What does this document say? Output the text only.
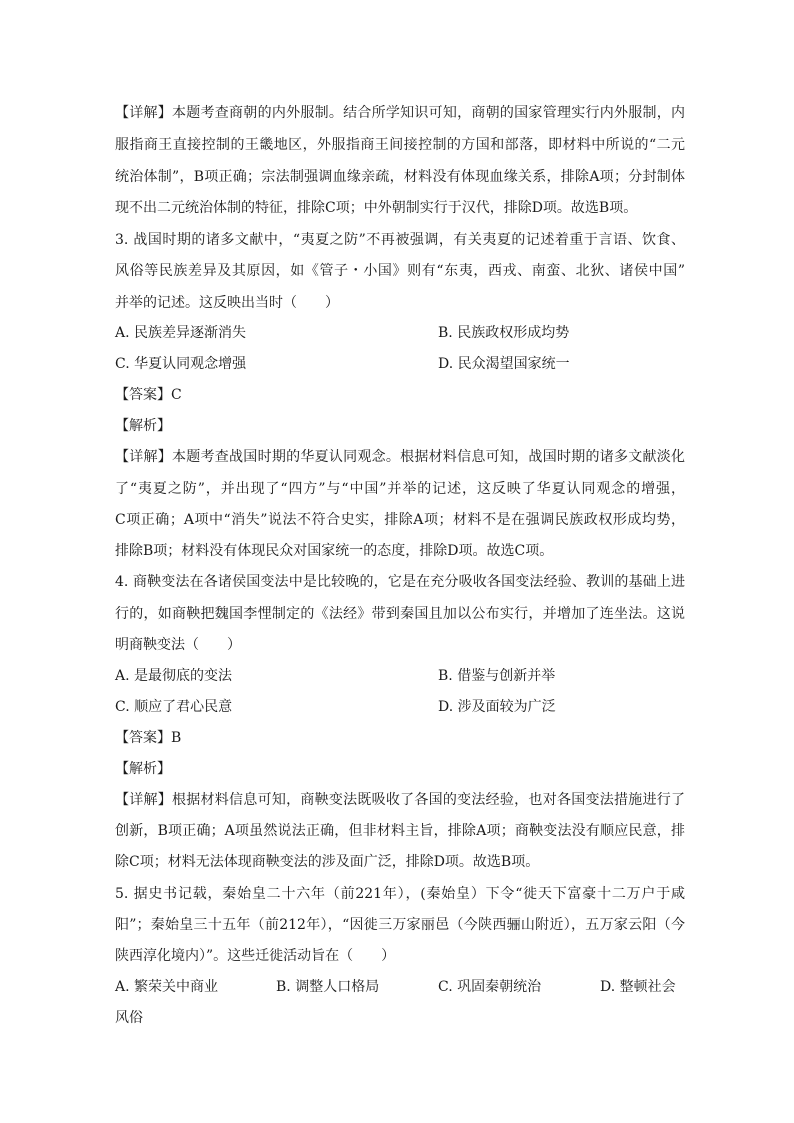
【详解】本题考查商朝的内外服制。结合所学知识可知，商朝的国家管理实行内外服制，内
服指商王直接控制的王畿地区，外服指商王间接控制的方国和部落，即材料中所说的“二元
统治体制”，B项正确；宗法制强调血缘亲疏，材料没有体现血缘关系，排除A项；分封制体
现不出二元统治体制的特征，排除C项；中外朝制实行于汉代，排除D项。故选B项。
3. 战国时期的诸多文献中，“夷夏之防”不再被强调，有关夷夏的记述着重于言语、饮食、
风俗等民族差异及其原因，如《管子・小国》则有“东夷，西戎、南蛮、北狄、诸侯中国”
并举的记述。这反映出当时（　　）
A. 民族差异逐渐消失	B. 民族政权形成均势
C. 华夏认同观念增强	D. 民众渴望国家统一
【答案】C
【解析】
【详解】本题考查战国时期的华夏认同观念。根据材料信息可知，战国时期的诸多文献淡化
了“夷夏之防”，并出现了“四方”与“中国”并举的记述，这反映了华夏认同观念的增强，
C项正确；A项中“消失”说法不符合史实，排除A项；材料不是在强调民族政权形成均势，
排除B项；材料没有体现民众对国家统一的态度，排除D项。故选C项。
4. 商鞅变法在各诸侯国变法中是比较晚的，它是在充分吸收各国变法经验、教训的基础上进
行的，如商鞅把魏国李悝制定的《法经》带到秦国且加以公布实行，并增加了连坐法。这说
明商鞅变法（　　）
A. 是最彻底的变法	B. 借鉴与创新并举
C. 顺应了君心民意	D. 涉及面较为广泛
【答案】B
【解析】
【详解】根据材料信息可知，商鞅变法既吸收了各国的变法经验，也对各国变法措施进行了
创新，B项正确；A项虽然说法正确，但非材料主旨，排除A项；商鞅变法没有顺应民意，排
除C项；材料无法体现商鞅变法的涉及面广泛，排除D项。故选B项。
5. 据史书记载，秦始皇二十六年（前221年），(秦始皇）下令“徙天下富豪十二万户于咸
阳”；秦始皇三十五年（前212年），“因徙三万家丽邑（今陕西骊山附近），五万家云阳（今
陕西淳化境内）”。这些迁徙活动旨在（　　）
A. 繁荣关中商业	B. 调整人口格局	C. 巩固秦朝统治	D. 整顿社会
风俗
